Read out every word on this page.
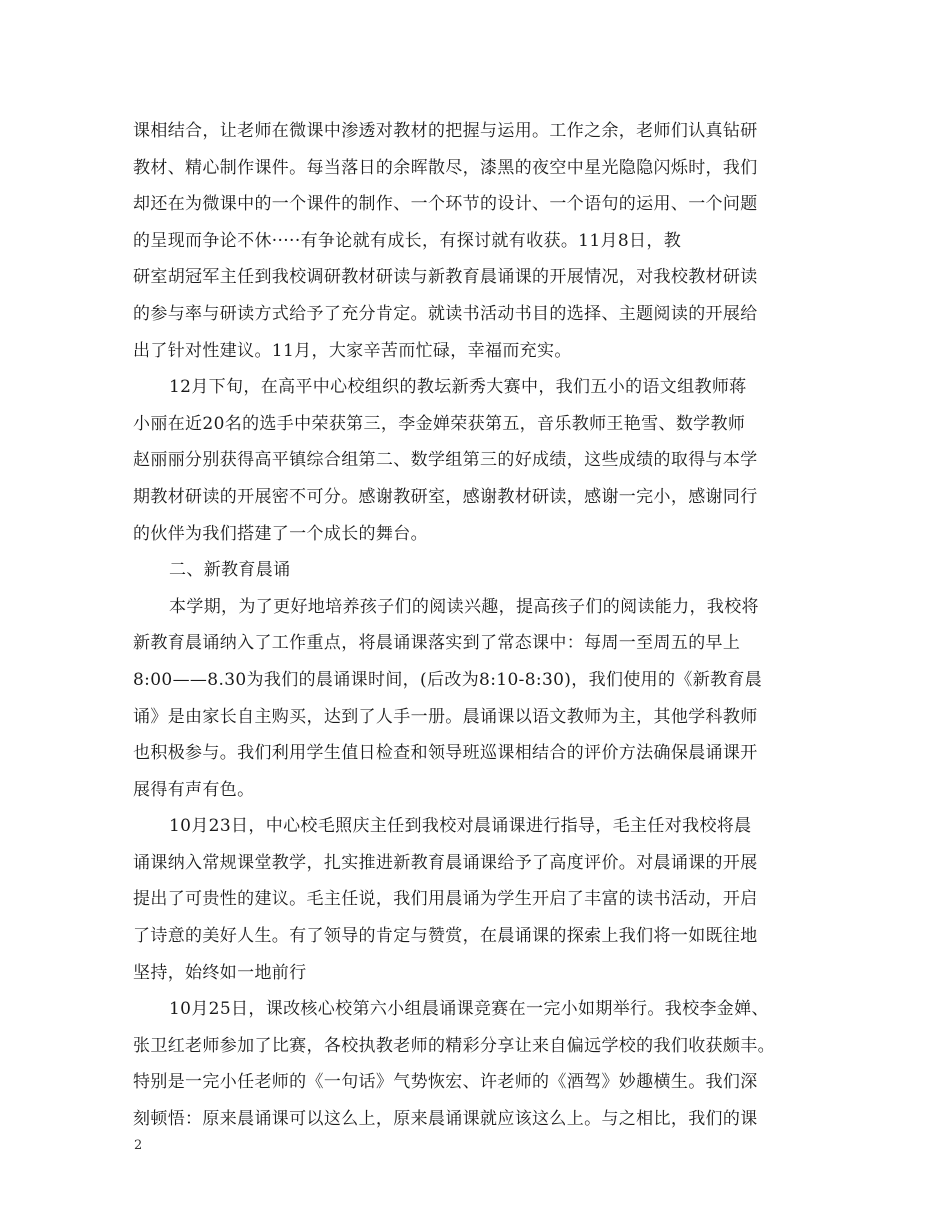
课相结合，让老师在微课中渗透对教材的把握与运用。工作之余，老师们认真钻研
教材、精心制作课件。每当落日的余晖散尽，漆黑的夜空中星光隐隐闪烁时，我们
却还在为微课中的一个课件的制作、一个环节的设计、一个语句的运用、一个问题
的呈现而争论不休·····有争论就有成长，有探讨就有收获。11月8日，教
研室胡冠军主任到我校调研教材研读与新教育晨诵课的开展情况，对我校教材研读
的参与率与研读方式给予了充分肯定。就读书活动书目的选择、主题阅读的开展给
出了针对性建议。11月，大家辛苦而忙碌，幸福而充实。

12月下旬，在高平中心校组织的教坛新秀大赛中，我们五小的语文组教师蒋
小丽在近20名的选手中荣获第三，李金婵荣获第五，音乐教师王艳雪、数学教师
赵丽丽分别获得高平镇综合组第二、数学组第三的好成绩，这些成绩的取得与本学
期教材研读的开展密不可分。感谢教研室，感谢教材研读，感谢一完小，感谢同行
的伙伴为我们搭建了一个成长的舞台。

二、新教育晨诵

本学期，为了更好地培养孩子们的阅读兴趣，提高孩子们的阅读能力，我校将
新教育晨诵纳入了工作重点，将晨诵课落实到了常态课中：每周一至周五的早上
8:00——8.30为我们的晨诵课时间，(后改为8:10-8:30)，我们使用的《新教育晨
诵》是由家长自主购买，达到了人手一册。晨诵课以语文教师为主，其他学科教师
也积极参与。我们利用学生值日检查和领导班巡课相结合的评价方法确保晨诵课开
展得有声有色。

10月23日，中心校毛照庆主任到我校对晨诵课进行指导，毛主任对我校将晨
诵课纳入常规课堂教学，扎实推进新教育晨诵课给予了高度评价。对晨诵课的开展
提出了可贵性的建议。毛主任说，我们用晨诵为学生开启了丰富的读书活动，开启
了诗意的美好人生。有了领导的肯定与赞赏，在晨诵课的探索上我们将一如既往地
坚持，始终如一地前行

10月25日，课改核心校第六小组晨诵课竞赛在一完小如期举行。我校李金婵、
张卫红老师参加了比赛，各校执教老师的精彩分享让来自偏远学校的我们收获颇丰。
特别是一完小任老师的《一句话》气势恢宏、许老师的《酒驾》妙趣横生。我们深
刻顿悟：原来晨诵课可以这么上，原来晨诵课就应该这么上。与之相比，我们的课

2
